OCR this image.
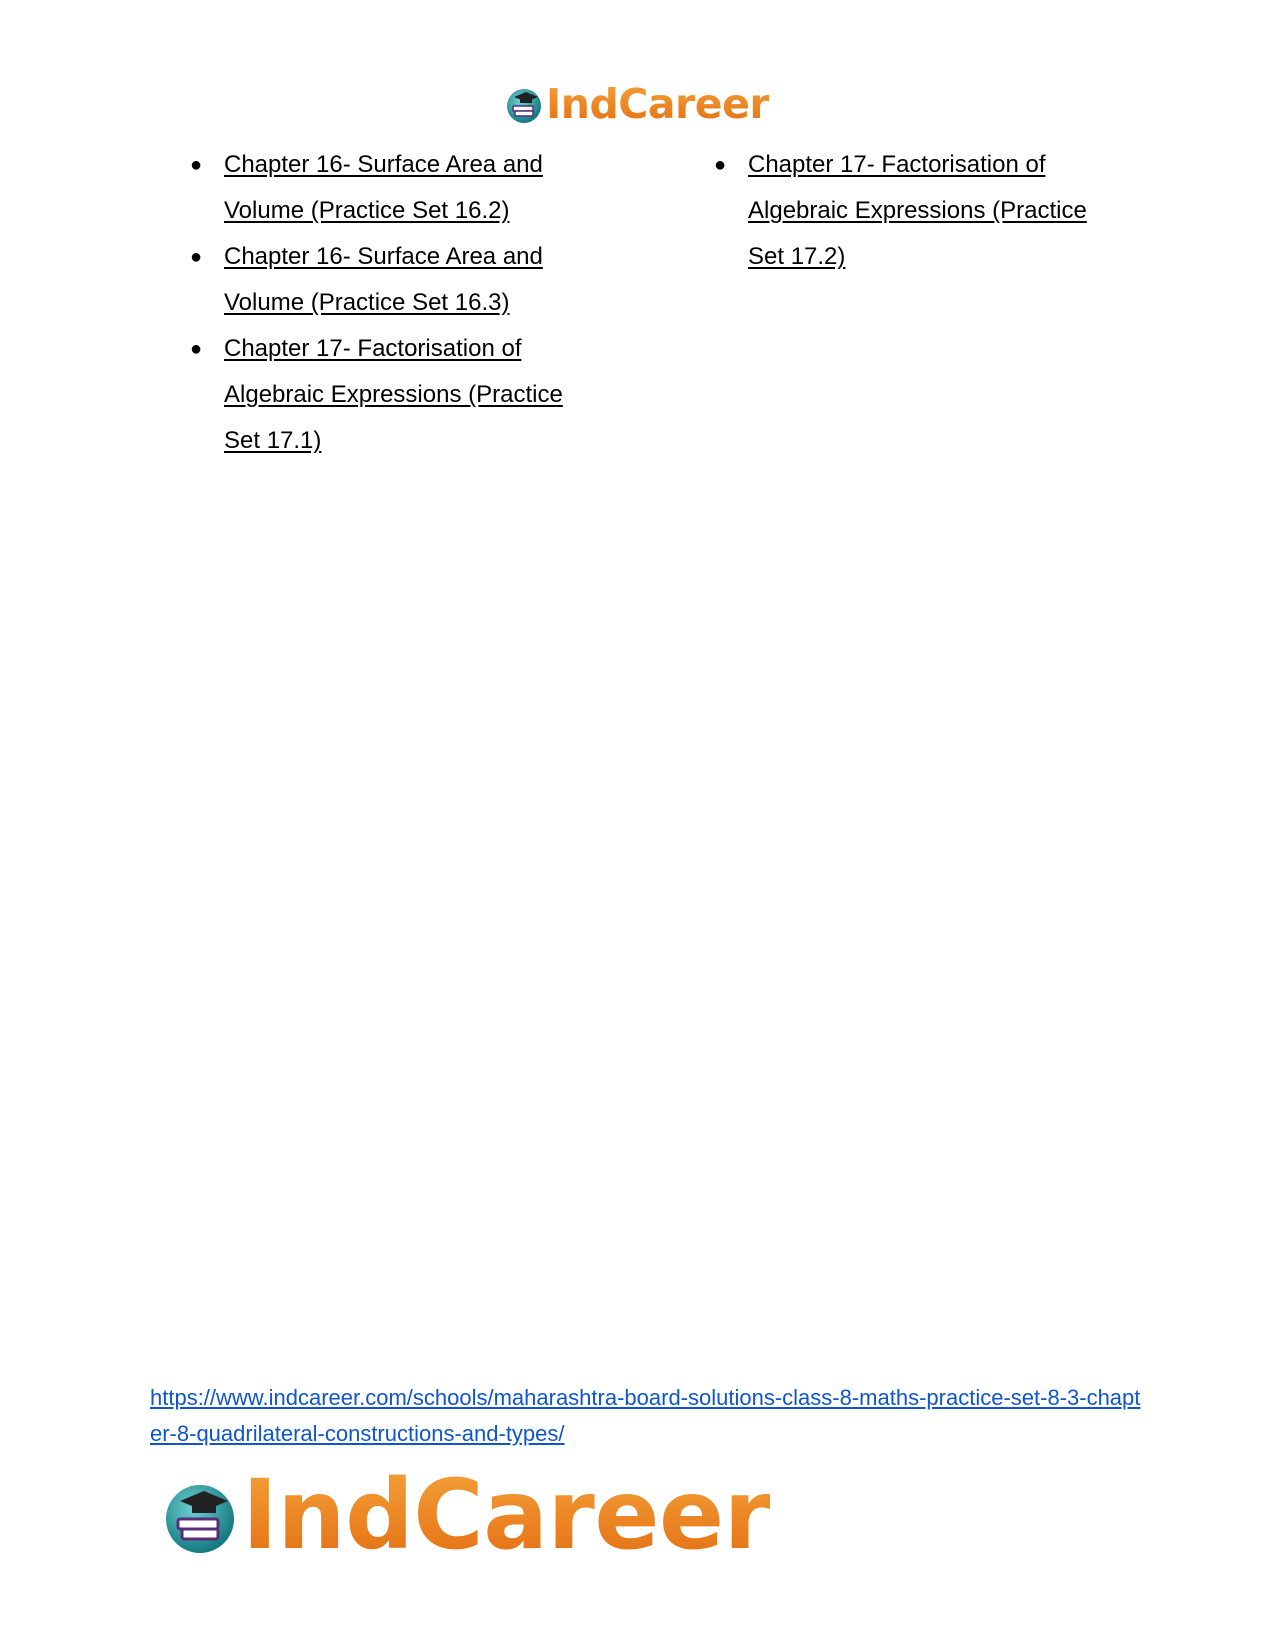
IndCareer
● Chapter 16- Surface Area and Volume (Practice Set 16.2)
● Chapter 16- Surface Area and Volume (Practice Set 16.3)
● Chapter 17- Factorisation of Algebraic Expressions (Practice Set 17.1)
● Chapter 17- Factorisation of Algebraic Expressions (Practice Set 17.2)
https://www.indcareer.com/schools/maharashtra-board-solutions-class-8-maths-practice-set-8-3-chapter-8-quadrilateral-constructions-and-types/
IndCareer
